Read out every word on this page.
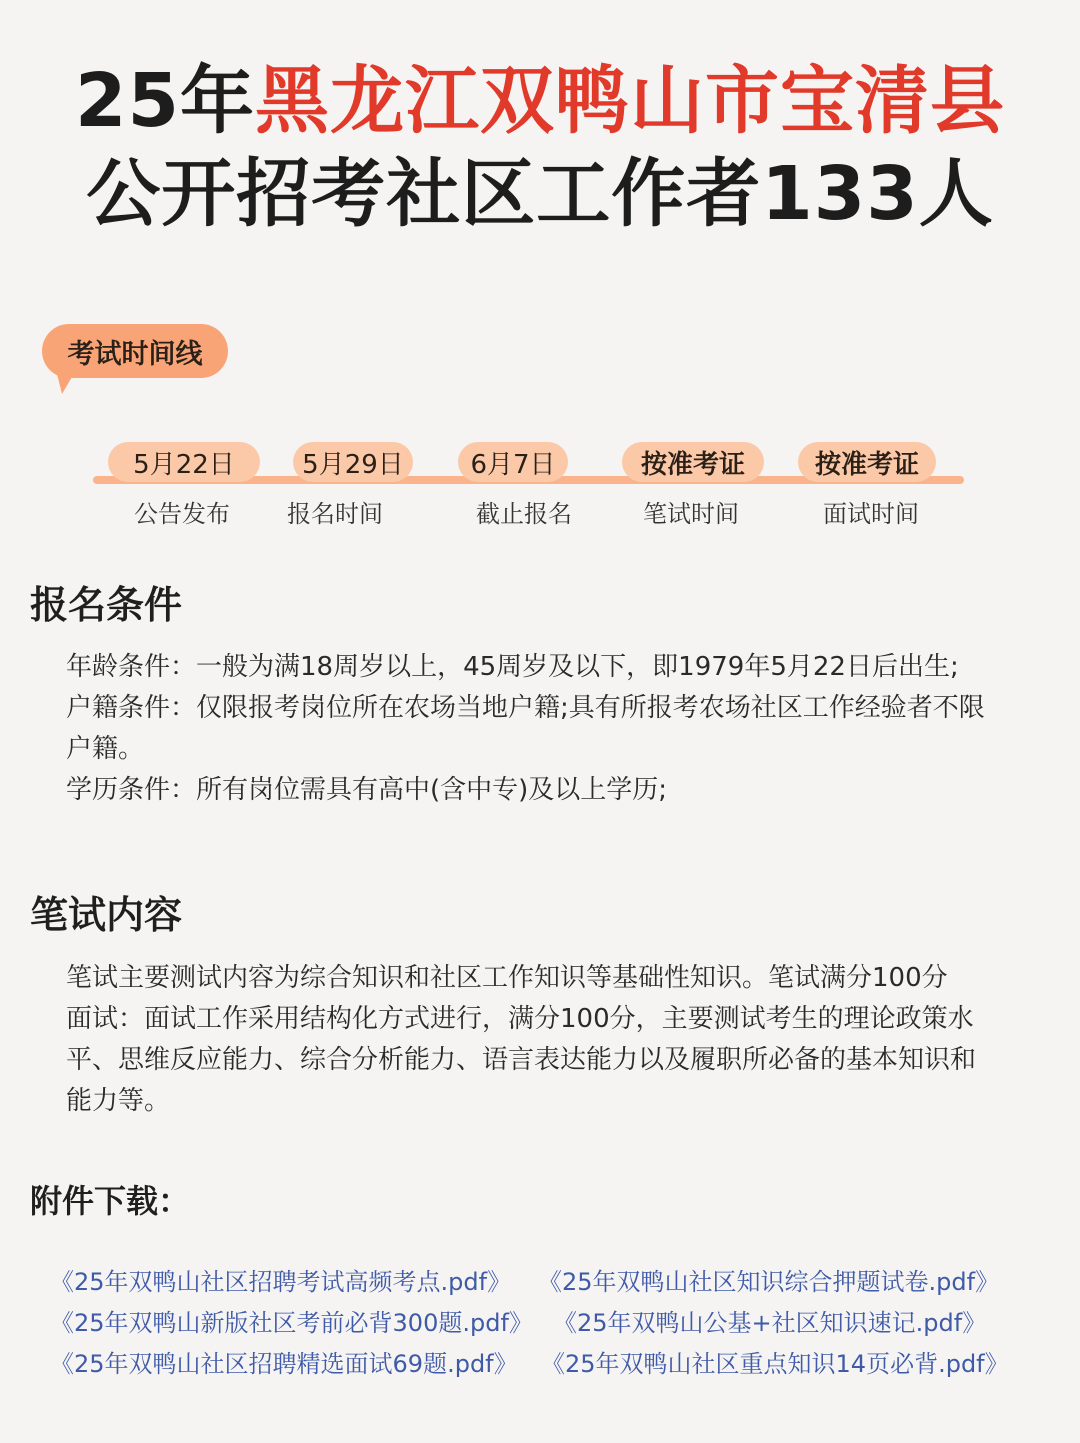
25年黑龙江双鸭山市宝清县
公开招考社区工作者133人
考试时间线
5月22日	5月29日	6月7日	按准考证	按准考证
公告发布	报名时间	截止报名	笔试时间	面试时间
报名条件
年龄条件：一般为满18周岁以上，45周岁及以下，即1979年5月22日后出生;
户籍条件：仅限报考岗位所在农场当地户籍;具有所报考农场社区工作经验者不限户籍。
学历条件：所有岗位需具有高中(含中专)及以上学历;
笔试内容
笔试主要测试内容为综合知识和社区工作知识等基础性知识。笔试满分100分
面试：面试工作采用结构化方式进行，满分100分，主要测试考生的理论政策水平、思维反应能力、综合分析能力、语言表达能力以及履职所必备的基本知识和能力等。
附件下载：
《25年双鸭山社区招聘考试高频考点.pdf》 《25年双鸭山社区知识综合押题试卷.pdf》
《25年双鸭山新版社区考前必背300题.pdf》 《25年双鸭山公基+社区知识速记.pdf》
《25年双鸭山社区招聘精选面试69题.pdf》 《25年双鸭山社区重点知识14页必背.pdf》
